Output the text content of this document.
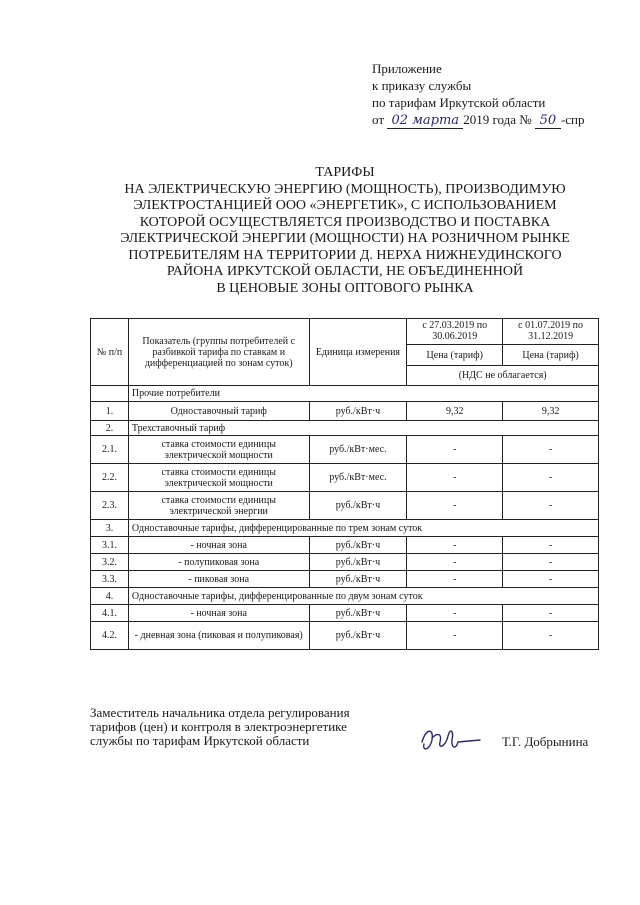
Приложение
к приказу службы
по тарифам Иркутской области
от 02 марта 2019 года № 50 -спр
ТАРИФЫ
НА ЭЛЕКТРИЧЕСКУЮ ЭНЕРГИЮ (МОЩНОСТЬ), ПРОИЗВОДИМУЮ
ЭЛЕКТРОСТАНЦИЕЙ ООО «ЭНЕРГЕТИК», С ИСПОЛЬЗОВАНИЕМ
КОТОРОЙ ОСУЩЕСТВЛЯЕТСЯ ПРОИЗВОДСТВО И ПОСТАВКА
ЭЛЕКТРИЧЕСКОЙ ЭНЕРГИИ (МОЩНОСТИ) НА РОЗНИЧНОМ РЫНКЕ
ПОТРЕБИТЕЛЯМ НА ТЕРРИТОРИИ Д. НЕРХА НИЖНЕУДИНСКОГО
РАЙОНА ИРКУТСКОЙ ОБЛАСТИ, НЕ ОБЪЕДИНЕННОЙ
В ЦЕНОВЫЕ ЗОНЫ ОПТОВОГО РЫНКА
№ п/п	Показатель (группы потребителей с разбивкой тарифа по ставкам и дифференциацией по зонам суток)	Единица измерения	с 27.03.2019 по 30.06.2019	с 01.07.2019 по 31.12.2019
			Цена (тариф)	Цена (тариф)
			(НДС не облагается)	
	Прочие потребители			
1.	Одноставочный тариф	руб./кВт·ч	9,32	9,32
2.	Трехставочный тариф			
2.1.	ставка стоимости единицы электрической мощности	руб./кВт·мес.	-	-
2.2.	ставка стоимости единицы электрической мощности	руб./кВт·мес.	-	-
2.3.	ставка стоимости единицы электрической энергии	руб./кВт·ч	-	-
3.	Одноставочные тарифы, дифференцированные по трем зонам суток			
3.1.	- ночная зона	руб./кВт·ч	-	-
3.2.	- полупиковая зона	руб./кВт·ч	-	-
3.3.	- пиковая зона	руб./кВт·ч	-	-
4.	Одноставочные тарифы, дифференцированные по двум зонам суток			
4.1.	- ночная зона	руб./кВт·ч	-	-
4.2.	- дневная зона (пиковая и полупиковая)	руб./кВт·ч	-	-
Заместитель начальника отдела регулирования
тарифов (цен) и контроля в электроэнергетике
службы по тарифам Иркутской области	Т.Г. Добрынина
